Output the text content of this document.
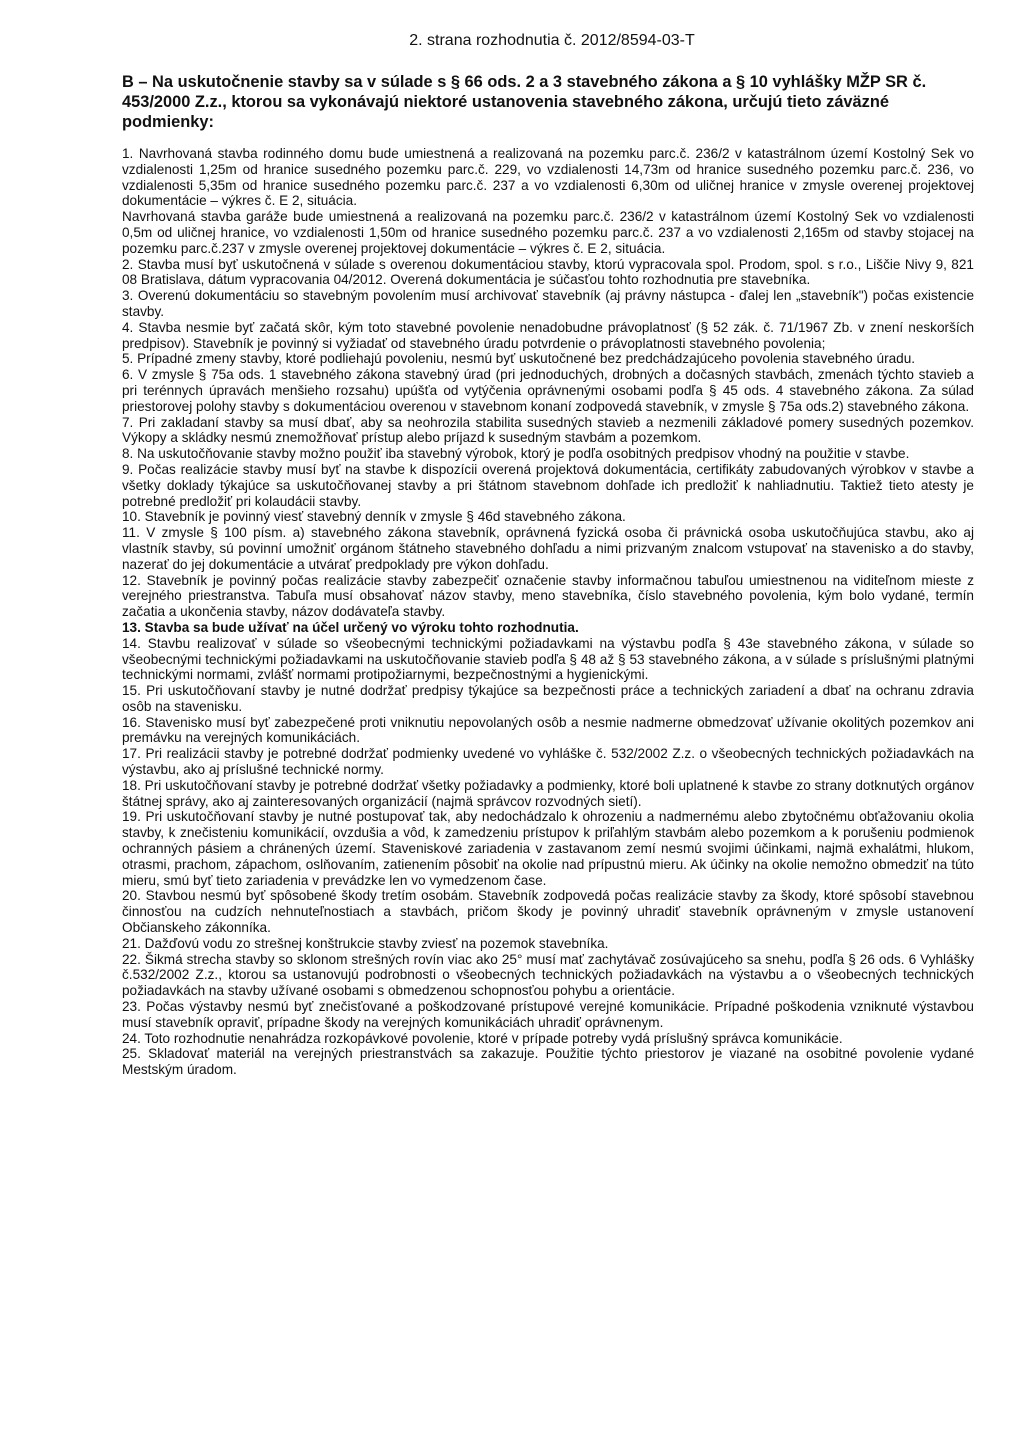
2. strana rozhodnutia č. 2012/8594-03-T
B – Na uskutočnenie stavby sa v súlade s § 66 ods. 2 a 3 stavebného zákona a § 10 vyhlášky MŽP SR č. 453/2000 Z.z., ktorou sa vykonávajú niektoré ustanovenia stavebného zákona, určujú tieto záväzné podmienky:

1. Navrhovaná stavba rodinného domu bude umiestnená a realizovaná na pozemku parc.č. 236/2 v katastrálnom území Kostolný Sek vo vzdialenosti 1,25m od hranice susedného pozemku parc.č. 229, vo vzdialenosti 14,73m od hranice susedného pozemku parc.č. 236, vo vzdialenosti 5,35m od hranice susedného pozemku parc.č. 237 a vo vzdialenosti 6,30m od uličnej hranice v zmysle overenej projektovej dokumentácie – výkres č. E 2, situácia.

Navrhovaná stavba garáže bude umiestnená a realizovaná na pozemku parc.č. 236/2 v katastrálnom území Kostolný Sek vo vzdialenosti 0,5m od uličnej hranice, vo vzdialenosti 1,50m od hranice susedného pozemku parc.č. 237 a vo vzdialenosti 2,165m od stavby stojacej na pozemku parc.č.237 v zmysle overenej projektovej dokumentácie – výkres č. E 2, situácia.

2. Stavba musí byť uskutočnená v súlade s overenou dokumentáciou stavby, ktorú vypracovala spol. Prodom, spol. s r.o., Liščie Nivy 9, 821 08 Bratislava, dátum vypracovania 04/2012. Overená dokumentácia je súčasťou tohto rozhodnutia pre stavebníka.

3. Overenú dokumentáciu so stavebným povolením musí archivovať stavebník (aj právny nástupca - ďalej len „stavebník") počas existencie stavby.

4. Stavba nesmie byť začatá skôr, kým toto stavebné povolenie nenadobudne právoplatnosť (§ 52 zák. č. 71/1967 Zb. v znení neskorších predpisov). Stavebník je povinný si vyžiadať od stavebného úradu potvrdenie o právoplatnosti stavebného povolenia;

5. Prípadné zmeny stavby, ktoré podliehajú povoleniu, nesmú byť uskutočnené bez predchádzajúceho povolenia stavebného úradu.

6. V zmysle § 75a ods. 1 stavebného zákona stavebný úrad (pri jednoduchých, drobných a dočasných stavbách, zmenách týchto stavieb a pri terénnych úpravách menšieho rozsahu) upúšťa od vytýčenia oprávnenými osobami podľa § 45 ods. 4 stavebného zákona. Za súlad priestorovej polohy stavby s dokumentáciou overenou v stavebnom konaní zodpovedá stavebník, v zmysle § 75a ods.2) stavebného zákona.

7. Pri zakladaní stavby sa musí dbať, aby sa neohrozila stabilita susedných stavieb a nezmenili základové pomery susedných pozemkov. Výkopy a skládky nesmú znemožňovať prístup alebo príjazd k susedným stavbám a pozemkom.

8. Na uskutočňovanie stavby možno použiť iba stavebný výrobok, ktorý je podľa osobitných predpisov vhodný na použitie v stavbe.

9. Počas realizácie stavby musí byť na stavbe k dispozícii overená projektová dokumentácia, certifikáty zabudovaných výrobkov v stavbe a všetky doklady týkajúce sa uskutočňovanej stavby a pri štátnom stavebnom dohľade ich predložiť k nahliadnutiu. Taktiež tieto atesty je potrebné predložiť pri kolaudácii stavby.

10. Stavebník je povinný viesť stavebný denník v zmysle § 46d stavebného zákona.

11. V zmysle § 100 písm. a) stavebného zákona stavebník, oprávnená fyzická osoba či právnická osoba uskutočňujúca stavbu, ako aj vlastník stavby, sú povinní umožniť orgánom štátneho stavebného dohľadu a nimi prizvaným znalcom vstupovať na stavenisko a do stavby, nazerať do jej dokumentácie a utvárať predpoklady pre výkon dohľadu.

12. Stavebník je povinný počas realizácie stavby zabezpečiť označenie stavby informačnou tabuľou umiestnenou na viditeľnom mieste z verejného priestranstva. Tabuľa musí obsahovať názov stavby, meno stavebníka, číslo stavebného povolenia, kým bolo vydané, termín začatia a ukončenia stavby, názov dodávateľa stavby.

13. Stavba sa bude užívať na účel určený vo výroku tohto rozhodnutia.

14. Stavbu realizovať v súlade so všeobecnými technickými požiadavkami na výstavbu podľa § 43e stavebného zákona, v súlade so všeobecnými technickými požiadavkami na uskutočňovanie stavieb podľa § 48 až § 53 stavebného zákona, a v súlade s príslušnými platnými technickými normami, zvlášť normami protipožiarnymi, bezpečnostnými a hygienickými.

15. Pri uskutočňovaní stavby je nutné dodržať predpisy týkajúce sa bezpečnosti práce a technických zariadení a dbať na ochranu zdravia osôb na stavenisku.

16. Stavenisko musí byť zabezpečené proti vniknutiu nepovolaných osôb a nesmie nadmerne obmedzovať užívanie okolitých pozemkov ani premávku na verejných komunikáciách.

17. Pri realizácii stavby je potrebné dodržať podmienky uvedené vo vyhláške č. 532/2002 Z.z. o všeobecných technických požiadavkách na výstavbu, ako aj príslušné technické normy.

18. Pri uskutočňovaní stavby je potrebné dodržať všetky požiadavky a podmienky, ktoré boli uplatnené k stavbe zo strany dotknutých orgánov štátnej správy, ako aj zainteresovaných organizácií (najmä správcov rozvodných sietí).

19. Pri uskutočňovaní stavby je nutné postupovať tak, aby nedochádzalo k ohrozeniu a nadmernému alebo zbytočnému obťažovaniu okolia stavby, k znečisteniu komunikácií, ovzdušia a vôd, k zamedzeniu prístupov k priľahlým stavbám alebo pozemkom a k porušeniu podmienok ochranných pásiem a chránených území. Staveniskové zariadenia v zastavanom zemí nesmú svojimi účinkami, najmä exhalátmi, hlukom, otrasmi, prachom, zápachom, oslňovaním, zatienením pôsobiť na okolie nad prípustnú mieru. Ak účinky na okolie nemožno obmedziť na túto mieru, smú byť tieto zariadenia v prevádzke len vo vymedzenom čase.

20. Stavbou nesmú byť spôsobené škody tretím osobám. Stavebník zodpovedá počas realizácie stavby za škody, ktoré spôsobí stavebnou činnosťou na cudzích nehnuteľnostiach a stavbách, pričom škody je povinný uhradiť stavebník oprávneným v zmysle ustanovení Občianskeho zákonníka.

21. Dažďovú vodu zo strešnej konštrukcie stavby zviesť na pozemok stavebníka.

22. Šikmá strecha stavby so sklonom strešných rovín viac ako 25° musí mať zachytávač zosúvajúceho sa snehu, podľa § 26 ods. 6 Vyhlášky č.532/2002 Z.z., ktorou sa ustanovujú podrobnosti o všeobecných technických požiadavkách na výstavbu a o všeobecných technických požiadavkách na stavby užívané osobami s obmedzenou schopnosťou pohybu a orientácie.

23. Počas výstavby nesmú byť znečisťované a poškodzované prístupové verejné komunikácie. Prípadné poškodenia vzniknuté výstavbou musí stavebník opraviť, prípadne škody na verejných komunikáciách uhradiť oprávnenym.

24. Toto rozhodnutie nenahrádza rozkopávkové povolenie, ktoré v prípade potreby vydá príslušný správca komunikácie.

25. Skladovať materiál na verejných priestranstvách sa zakazuje. Použitie týchto priestorov je viazané na osobitné povolenie vydané Mestským úradom.
